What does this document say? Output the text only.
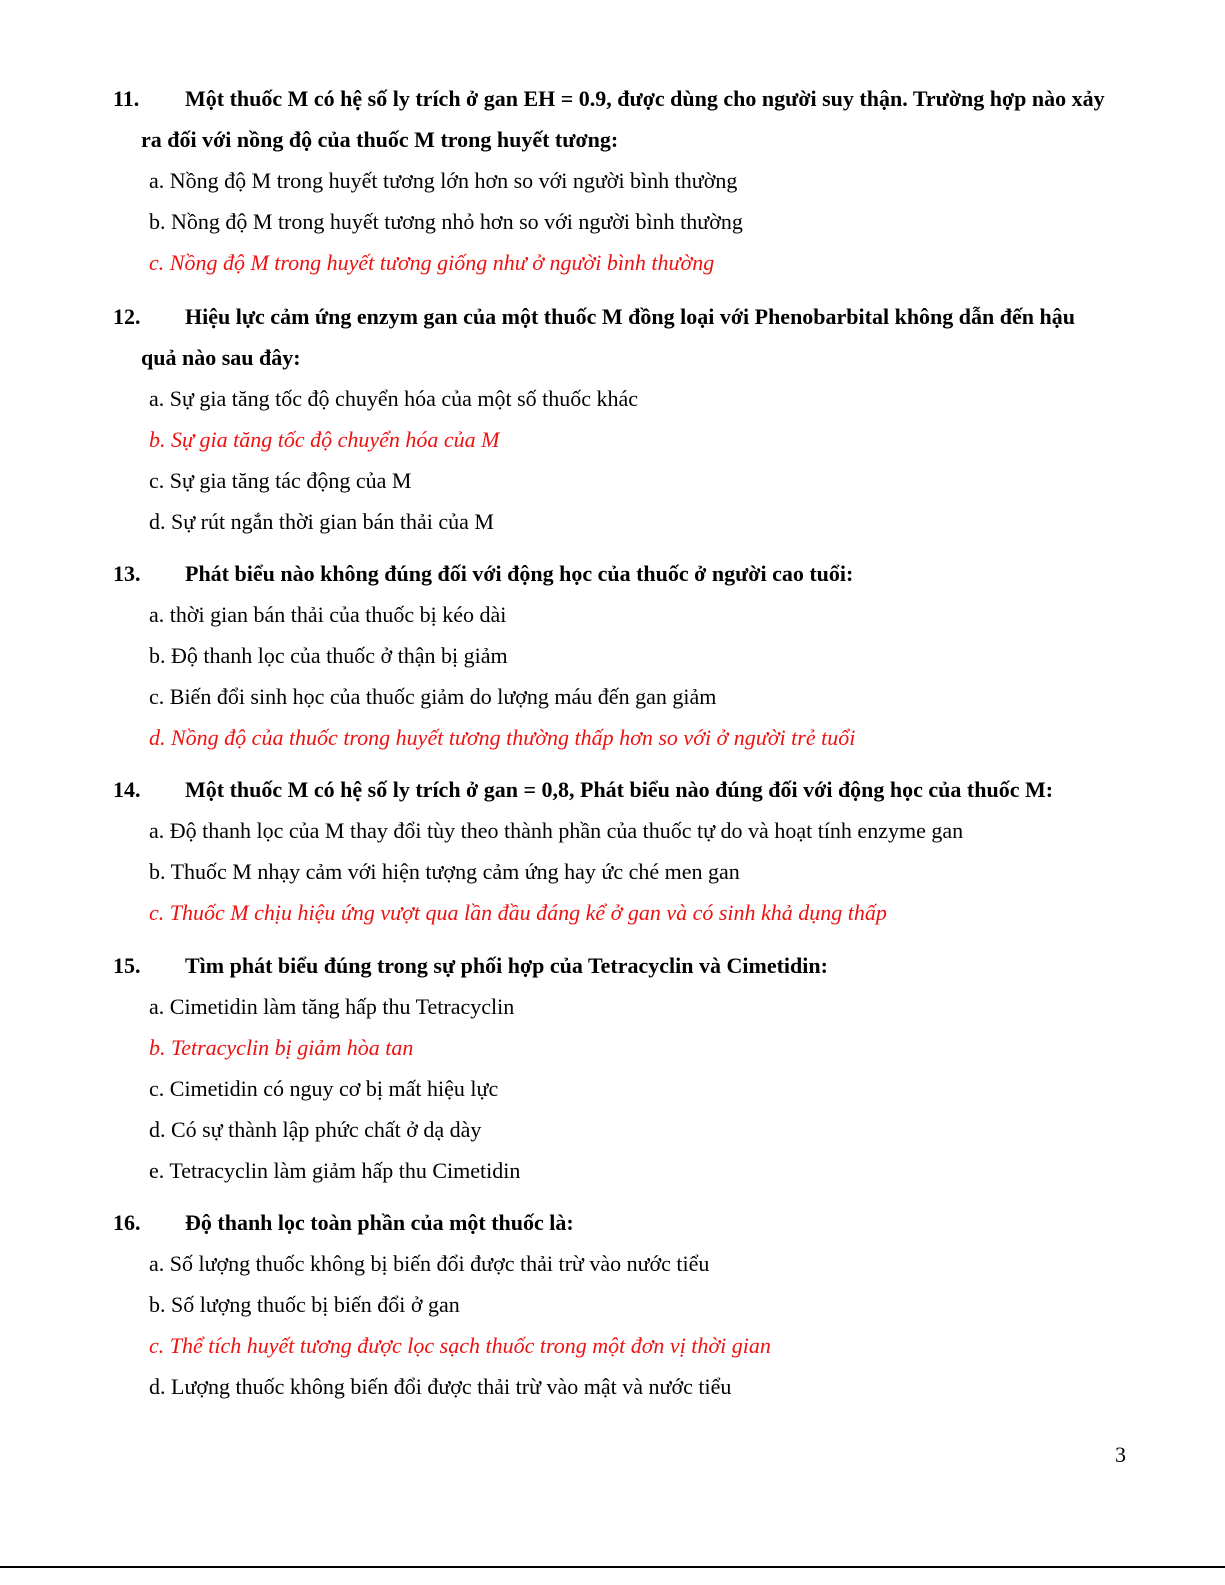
11.	Một thuốc M có hệ số ly trích ở gan EH = 0.9, được dùng cho người suy thận. Trường hợp nào xảy ra đối với nồng độ của thuốc M trong huyết tương:
a. Nồng độ M trong huyết tương lớn hơn so với người bình thường
b. Nồng độ M trong huyết tương nhỏ hơn so với người bình thường
c. Nồng độ M trong huyết tương giống như ở người bình thường
12.	Hiệu lực cảm ứng enzym gan của một thuốc M đồng loại với Phenobarbital không dẫn đến hậu quả nào sau đây:
a. Sự gia tăng tốc độ chuyển hóa của một số thuốc khác
b. Sự gia tăng tốc độ chuyển hóa của M
c. Sự gia tăng tác động của M
d. Sự rút ngắn thời gian bán thải của M
13.	Phát biểu nào không đúng đối với động học của thuốc ở người cao tuổi:
a. thời gian bán thải của thuốc bị kéo dài
b. Độ thanh lọc của thuốc ở thận bị giảm
c. Biến đổi sinh học của thuốc giảm do lượng máu đến gan giảm
d. Nồng độ của thuốc trong huyết tương thường thấp hơn so với ở người trẻ tuổi
14.	Một thuốc M có hệ số ly trích ở gan = 0,8, Phát biểu nào đúng đối với động học của thuốc M:
a. Độ thanh lọc của M thay đổi tùy theo thành phần của thuốc tự do và hoạt tính enzyme gan
b. Thuốc M nhạy cảm với hiện tượng cảm ứng hay ức ché men gan
c. Thuốc M chịu hiệu ứng vượt qua lần đầu đáng kể ở gan và có sinh khả dụng thấp
15.	Tìm phát biểu đúng trong sự phối hợp của Tetracyclin và Cimetidin:
a. Cimetidin làm tăng hấp thu Tetracyclin
b. Tetracyclin bị giảm hòa tan
c. Cimetidin có nguy cơ bị mất hiệu lực
d. Có sự thành lập phức chất ở dạ dày
e. Tetracyclin làm giảm hấp thu Cimetidin
16.	Độ thanh lọc toàn phần của một thuốc là:
a. Số lượng thuốc không bị biến đổi được thải trừ vào nước tiểu
b. Số lượng thuốc bị biến đổi ở gan
c. Thể tích huyết tương được lọc sạch thuốc trong một đơn vị thời gian
d. Lượng thuốc không biến đổi được thải trừ vào mật và nước tiểu
3
